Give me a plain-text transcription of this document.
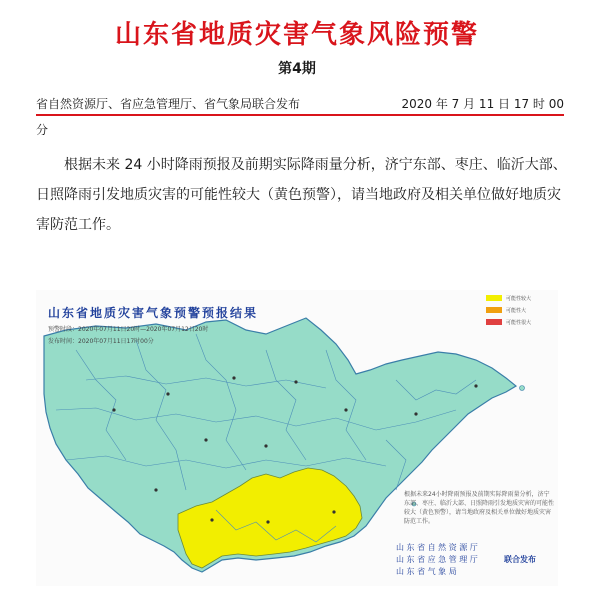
山东省地质灾害气象风险预警
第4期
省自然资源厅、省应急管理厅、省气象局联合发布	2020 年 7 月 11 日 17 时 00
分
根据未来 24 小时降雨预报及前期实际降雨量分析，济宁东部、枣庄、临沂大部、日照降雨引发地质灾害的可能性较大（黄色预警），请当地政府及相关单位做好地质灾害防范工作。
山东省地质灾害气象预警预报结果
预警时段：2020年07月11日20时—2020年07月12日20时
发布时间：2020年07月11日17时00分
可能性较大
可能性大
可能性很大
根据未来24小时降雨预报及前期实际降雨量分析，济宁东部、枣庄、临沂大部、日照降雨引发地质灾害的可能性较大（黄色预警），请当地政府及相关单位做好地质灾害防范工作。
山 东 省 自 然 资 源 厅
山 东 省 应 急 管 理 厅
山 东 省 气 象 局
联合发布
